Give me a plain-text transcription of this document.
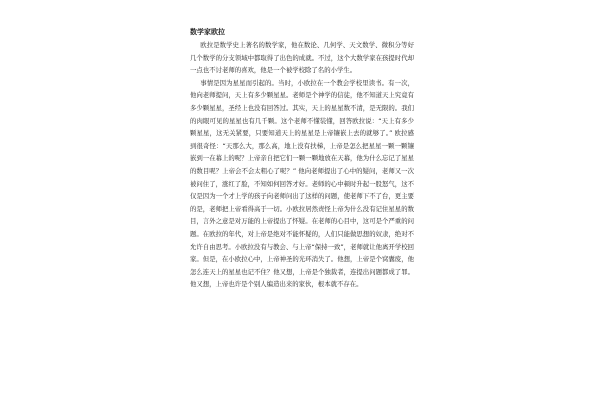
数学家欧拉

欧拉是数学史上著名的数学家，他在数论、几何学、天文数学、微积分等好几个数学的分支领域中都取得了出色的成就。不过，这个大数学家在孩提时代却一点也不讨老师的喜欢，他是一个被学校除了名的小学生。

事情是因为星星而引起的。当时，小欧拉在一个教会学校里读书。有一次，他向老师提问，天上有多少颗星星。老师是个神学的信徒，他不知道天上究竟有多少颗星星，圣经上也没有回答过。其实，天上的星星数不清，是无限的。我们的肉眼可见的星星也有几千颗。这个老师不懂装懂，回答欧拉说：“天上有多少颗星星，这无关紧要，只要知道天上的星星是上帝镶嵌上去的就够了。” 欧拉感到很奇怪：“天那么大，那么高，地上没有扶梯，上帝是怎么把星星一颗一颗镶嵌到一在幕上的呢？上帝亲自把它们一颗一颗地放在天幕，他为什么忘记了星星的数目呢？上帝会不会太粗心了呢？” 他向老师提出了心中的疑问，老师又一次被问住了，涨红了脸，不知如何回答才好。老师的心中顿时升起一股怒气，这不仅是因为一个才上学的孩子向老师问出了这样的问题，使老师下不了台，更主要的是，老师把上帝看得高于一切。小欧拉居然责怪上帝为什么没有记住星星的数目，言外之意是对万能的上帝提出了怀疑。在老师的心目中，这可是个严重的问题。在欧拉的年代，对上帝是绝对不能怀疑的，人们只能做思想的奴隶，绝对不允许自由思考。小欧拉没有与教会、与上帝“保持一致”，老师就让他离开学校回家。但是，在小欧拉心中，上帝神圣的光环消失了。他想，上帝是个窝囊废，他怎么连天上的星星也记不住？他又想，上帝是个独裁者，连提出问题都成了罪。他又想，上帝也许是个别人编造出来的家伙，根本就不存在。
